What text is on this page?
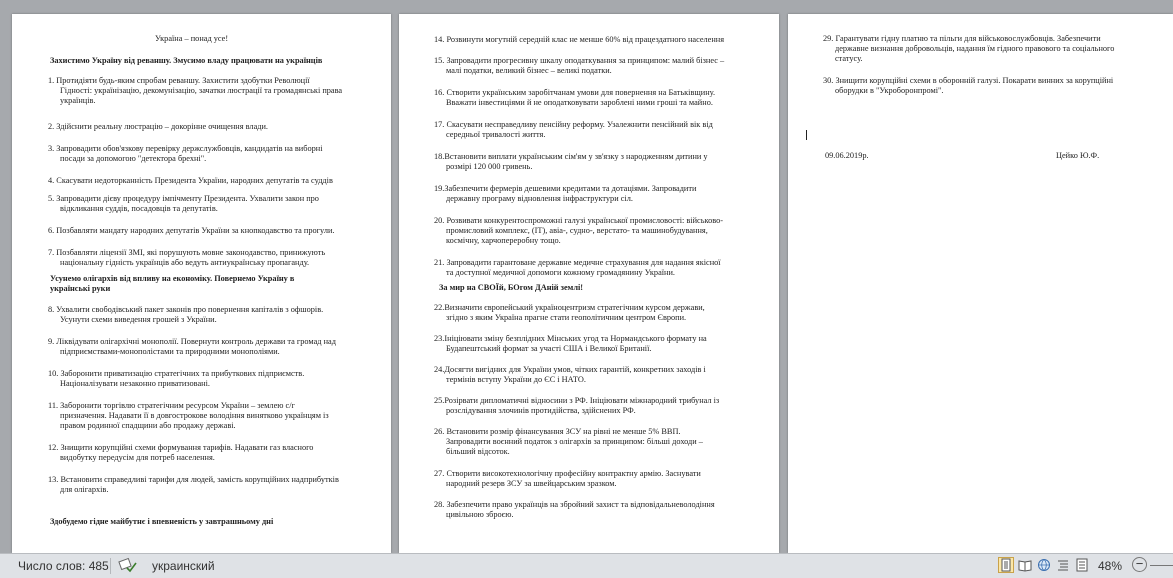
Україна – понад усе!
Захистимо Україну від реваншу. Змусимо владу працювати на українців
1. Протидіяти будь-яким спробам реваншу. Захистити здобутки Революції
Гідності: українізацію, декомунізацію, зачатки люстрації та громадянські права
українців.
2. Здійснити реальну люстрацію – докорінне очищення влади.
3. Запровадити обов'язкову перевірку держслужбовців, кандидатів на виборні
посади за допомогою "детектора брехні".
4. Скасувати недоторканність Президента України, народних депутатів та суддів
5. Запровадити дієву процедуру імпічменту Президента. Ухвалити закон про
відкликання суддів, посадовців та депутатів.
6. Позбавляти мандату народних депутатів України за кнопкодавство та прогули.
7. Позбавляти ліцензії ЗМІ, які порушують мовне законодавство, принижують
національну гідність українців або ведуть антиукраїнську пропаганду.
Усунемо олігархів від впливу на економіку. Повернемо Україну в
українські руки
8. Ухвалити свободівський пакет законів про повернення капіталів з офшорів.
Усунути схеми виведення грошей з України.
9. Ліквідувати олігархічні монополії. Повернути контроль держави та громад над
підприємствами-монополістами та природними монополіями.
10. Заборонити приватизацію стратегічних та прибуткових підприємств.
Націоналізувати незаконно приватизовані.
11. Заборонити торгівлю стратегічним ресурсом України – землею с/г
призначення. Надавати її в довгострокове володіння винятково українцям із
правом родинної спадщини або продажу державі.
12. Знищити корупційні схеми формування тарифів. Надавати газ власного
видобутку передусім для потреб населення.
13. Встановити справедливі тарифи для людей, замість корупційних надприбутків
для олігархів.
Здобудемо гідне майбутнє і впевненість у завтрашньому дні
14. Розвинути могутній середній клас не менше 60% від працездатного населення
15. Запровадити прогресивну шкалу оподаткування за принципом: малий бізнес –
малі податки, великий бізнес – великі податки.
16. Створити українським заробітчанам умови для повернення на Батьківщину.
Вважати інвестиціями й не оподатковувати зароблені ними гроші та майно.
17. Скасувати несправедливу пенсійну реформу. Узалежнити пенсійний вік від
середньої тривалості життя.
18.Встановити виплати українським сім'ям у зв'язку з народженням дитини у
розмірі 120 000 гривень.
19.Забезпечити фермерів дешевими кредитами та дотаціями. Запровадити
державну програму відновлення інфраструктури сіл.
20. Розвивати конкурентоспроможні галузі української промисловості: військово-
промисловий комплекс, (IT), авіа-, судно-, верстато- та машинобудування,
космічну, харчопереробну тощо.
21. Запровадити гарантоване державне медичне страхування для надання якісної
та доступної медичної допомоги кожному громадянину України.
За мир на СВОЇй, БОгом ДАній землі!
22.Визначити європейський україноцентризм стратегічним курсом держави,
згідно з яким Україна прагне стати геополітичним центром Європи.
23.Ініціювати зміну безплідних Мінських угод та Нормандського формату на
Будапештський формат за участі США і Великої Британії.
24.Досягти вигідних для України умов, чітких гарантій, конкретних заходів і
термінів вступу України до ЄС і НАТО.
25.Розірвати дипломатичні відносини з РФ. Ініціювати міжнародний трибунал із
розслідування злочинів протидійства, здійснених РФ.
26. Встановити розмір фінансування ЗСУ на рівні не менше 5% ВВП.
Запровадити воєнний податок з олігархів за принципом: більші доходи –
більший відсоток.
27. Створити високотехнологічну професійну контрактну армію. Заснувати
народний резерв ЗСУ за швейцарським зразком.
28. Забезпечити право українців на збройний захист та відповідальневолодіння
цивільною зброєю.
29. Гарантувати гідну платню та пільги для військовослужбовців. Забезпечити
державне визнання добровольців, надання їм гідного правового та соціального
статусу.
30. Знищити корупційні схеми в оборонній галузі. Покарати винних за корупційні
оборудки в "Укроборонпромі".
09.06.2019р.	Цейко Ю.Ф.
Число слов: 485	украинский	48% −
